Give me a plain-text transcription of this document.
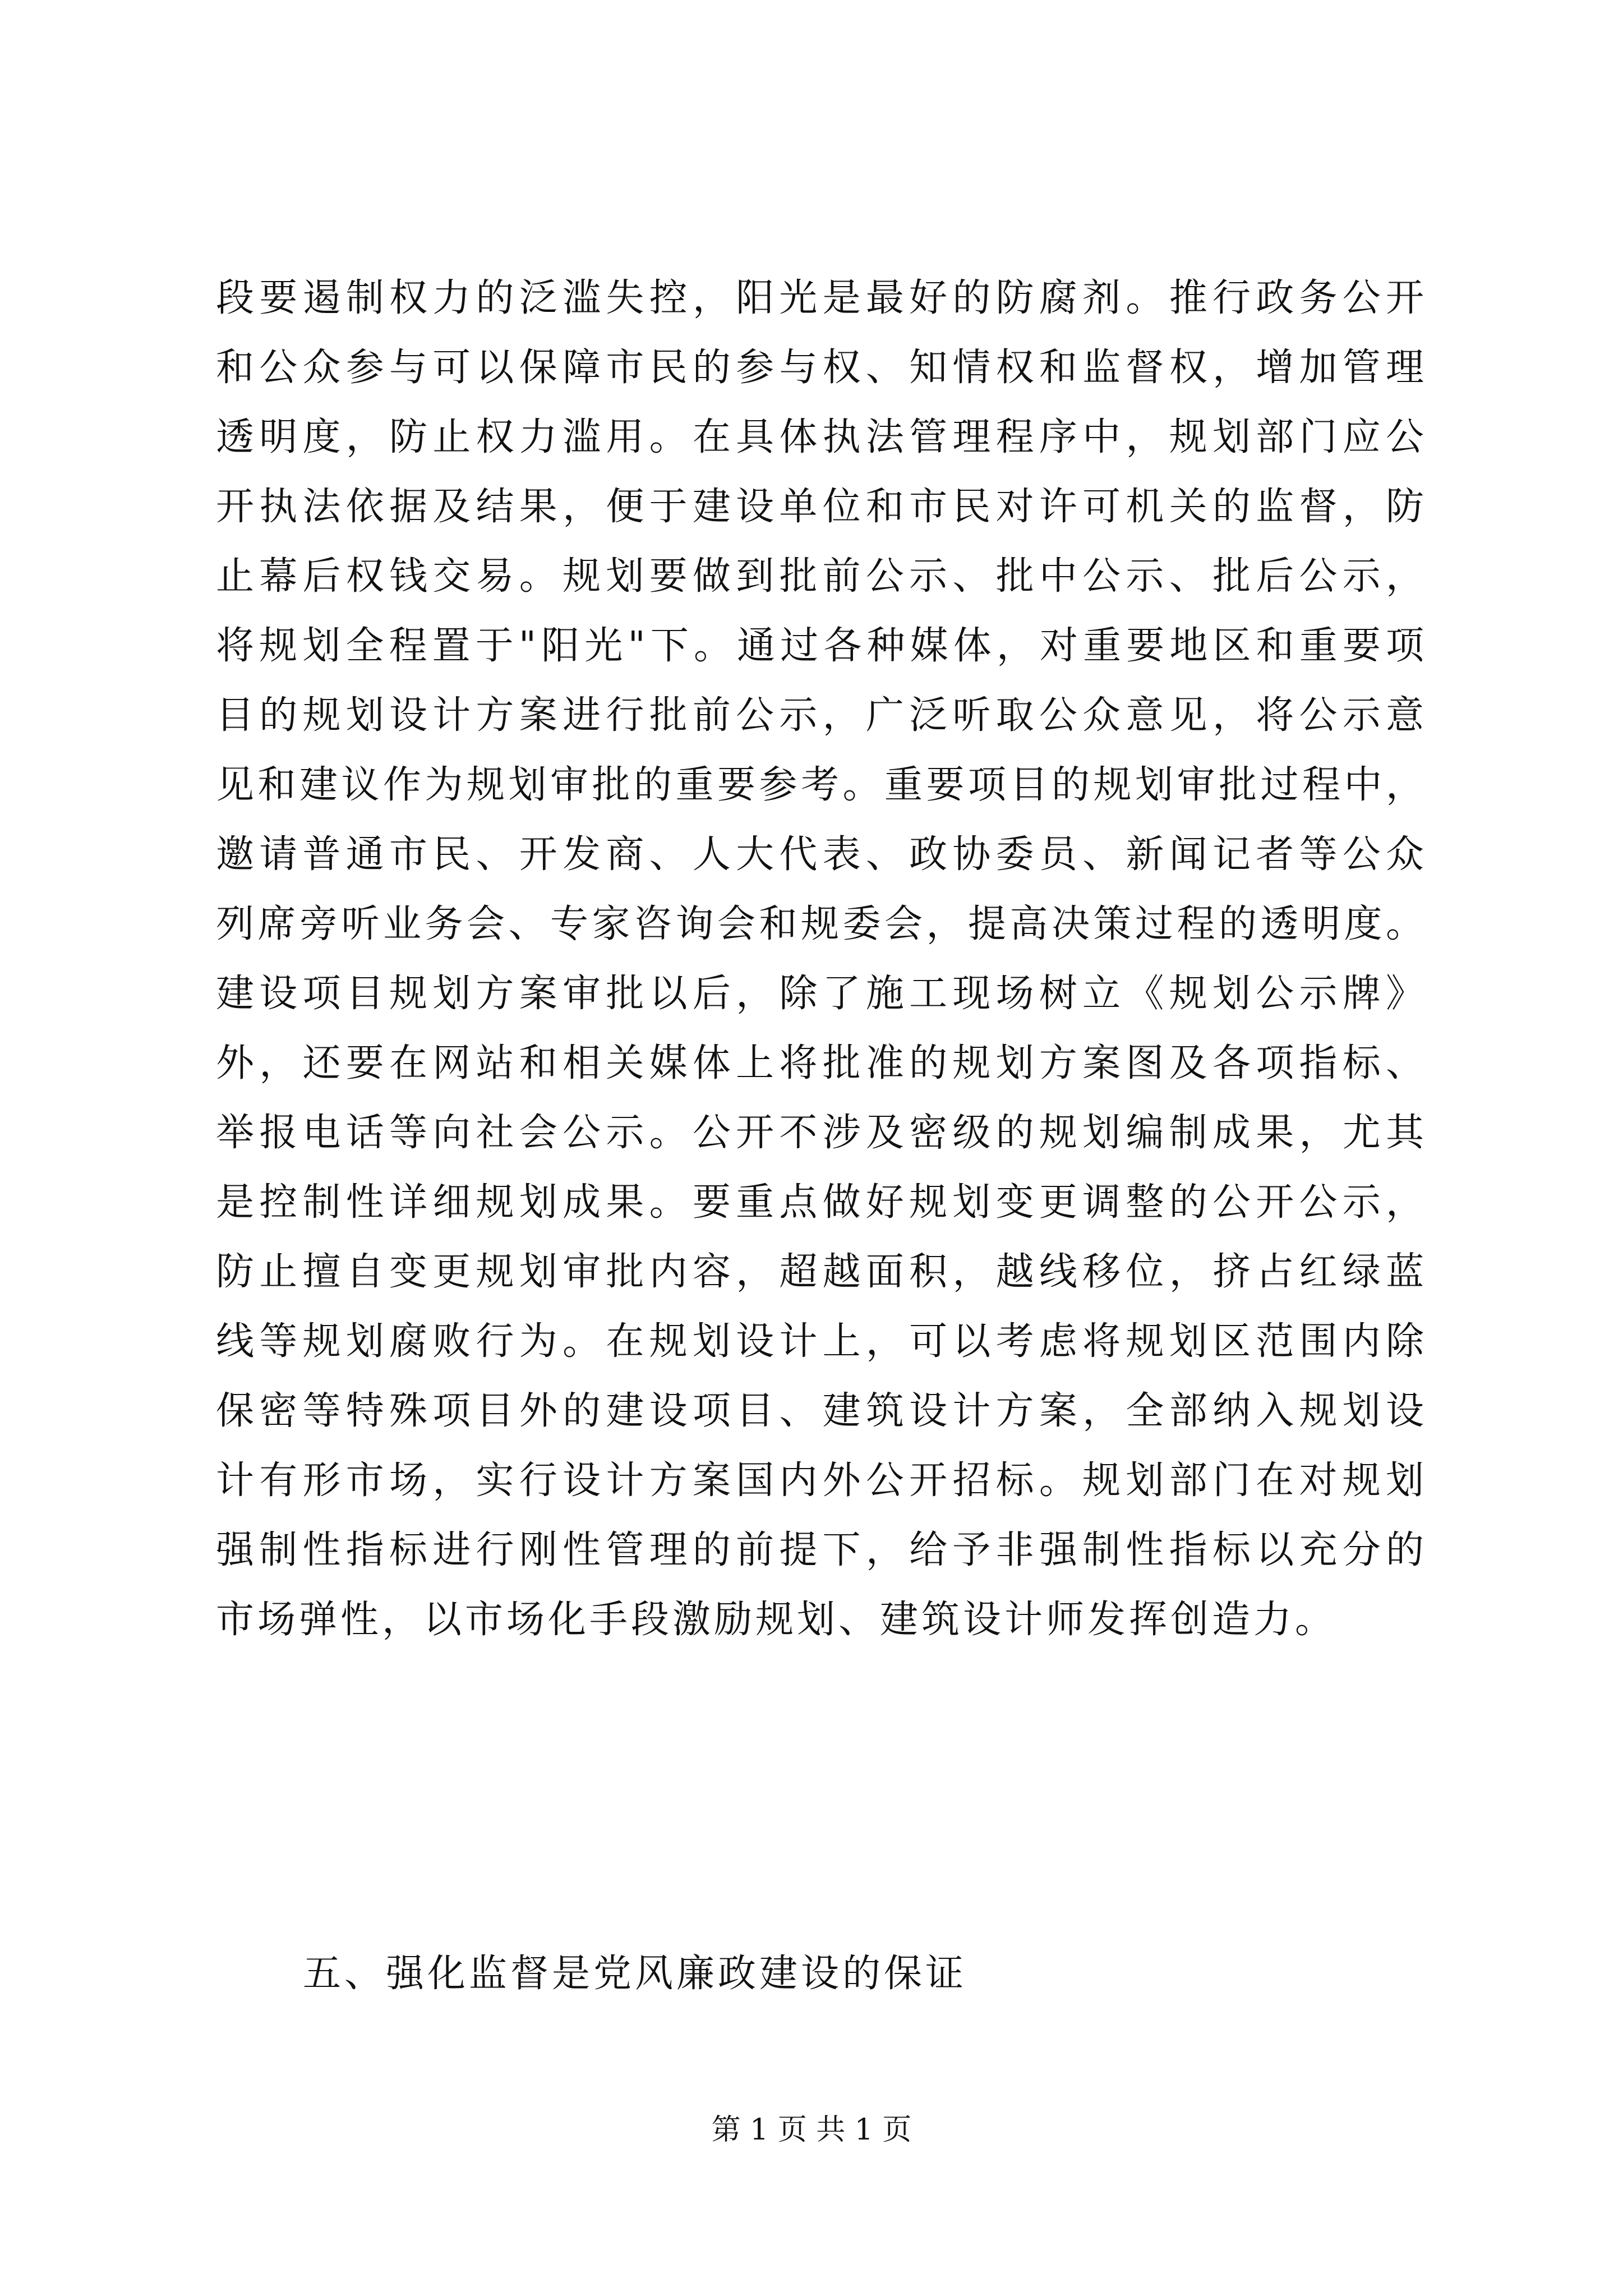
段要遏制权力的泛滥失控，阳光是最好的防腐剂。推行政务公开
和公众参与可以保障市民的参与权、知情权和监督权，增加管理
透明度，防止权力滥用。在具体执法管理程序中，规划部门应公
开执法依据及结果，便于建设单位和市民对许可机关的监督，防
止幕后权钱交易。规划要做到批前公示、批中公示、批后公示，
将规划全程置于"阳光"下。通过各种媒体，对重要地区和重要项
目的规划设计方案进行批前公示，广泛听取公众意见，将公示意
见和建议作为规划审批的重要参考。重要项目的规划审批过程中，
邀请普通市民、开发商、人大代表、政协委员、新闻记者等公众
列席旁听业务会、专家咨询会和规委会，提高决策过程的透明度。
建设项目规划方案审批以后，除了施工现场树立《规划公示牌》
外，还要在网站和相关媒体上将批准的规划方案图及各项指标、
举报电话等向社会公示。公开不涉及密级的规划编制成果，尤其
是控制性详细规划成果。要重点做好规划变更调整的公开公示，
防止擅自变更规划审批内容，超越面积，越线移位，挤占红绿蓝
线等规划腐败行为。在规划设计上，可以考虑将规划区范围内除
保密等特殊项目外的建设项目、建筑设计方案，全部纳入规划设
计有形市场，实行设计方案国内外公开招标。规划部门在对规划
强制性指标进行刚性管理的前提下，给予非强制性指标以充分的
市场弹性，以市场化手段激励规划、建筑设计师发挥创造力。
五、强化监督是党风廉政建设的保证
第 1 页 共 1 页
